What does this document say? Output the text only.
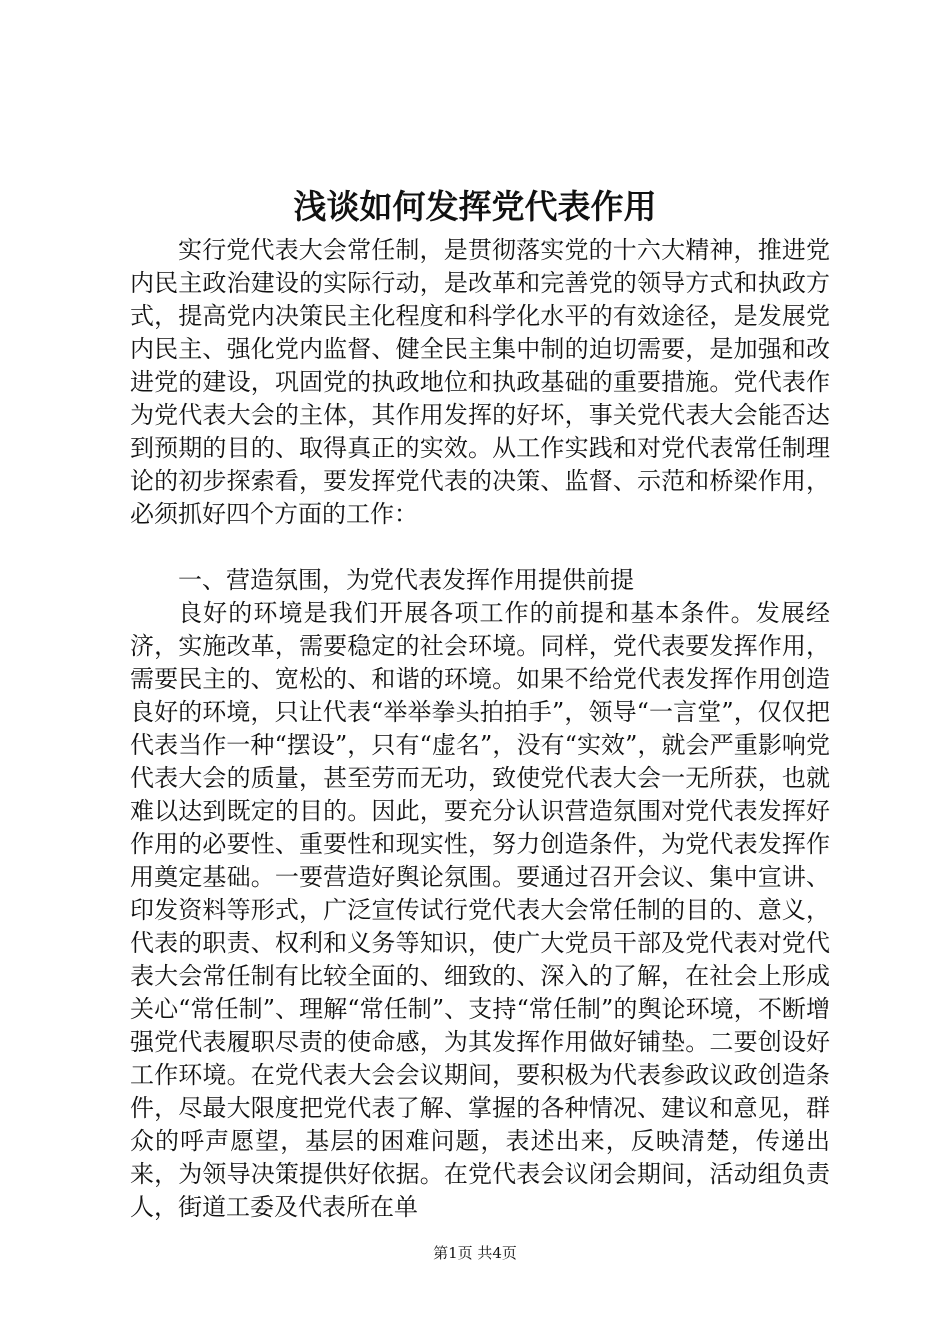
浅谈如何发挥党代表作用

实行党代表大会常任制，是贯彻落实党的十六大精神，推进党内民主政治建设的实际行动，是改革和完善党的领导方式和执政方式，提高党内决策民主化程度和科学化水平的有效途径，是发展党内民主、强化党内监督、健全民主集中制的迫切需要，是加强和改进党的建设，巩固党的执政地位和执政基础的重要措施。党代表作为党代表大会的主体，其作用发挥的好坏，事关党代表大会能否达到预期的目的、取得真正的实效。从工作实践和对党代表常任制理论的初步探索看，要发挥党代表的决策、监督、示范和桥梁作用，必须抓好四个方面的工作：

一、营造氛围，为党代表发挥作用提供前提

良好的环境是我们开展各项工作的前提和基本条件。发展经济，实施改革，需要稳定的社会环境。同样，党代表要发挥作用，需要民主的、宽松的、和谐的环境。如果不给党代表发挥作用创造良好的环境，只让代表“举举拳头拍拍手”，领导“一言堂”，仅仅把代表当作一种“摆设”，只有“虚名”，没有“实效”，就会严重影响党代表大会的质量，甚至劳而无功，致使党代表大会一无所获，也就难以达到既定的目的。因此，要充分认识营造氛围对党代表发挥好作用的必要性、重要性和现实性，努力创造条件，为党代表发挥作用奠定基础。一要营造好舆论氛围。要通过召开会议、集中宣讲、印发资料等形式，广泛宣传试行党代表大会常任制的目的、意义，代表的职责、权利和义务等知识，使广大党员干部及党代表对党代表大会常任制有比较全面的、细致的、深入的了解，在社会上形成关心“常任制”、理解“常任制”、支持“常任制”的舆论环境，不断增强党代表履职尽责的使命感，为其发挥作用做好铺垫。二要创设好工作环境。在党代表大会会议期间，要积极为代表参政议政创造条件，尽最大限度把党代表了解、掌握的各种情况、建议和意见，群众的呼声愿望，基层的困难问题，表述出来，反映清楚，传递出来，为领导决策提供好依据。在党代表会议闭会期间，活动组负责人，街道工委及代表所在单

第1页 共4页
